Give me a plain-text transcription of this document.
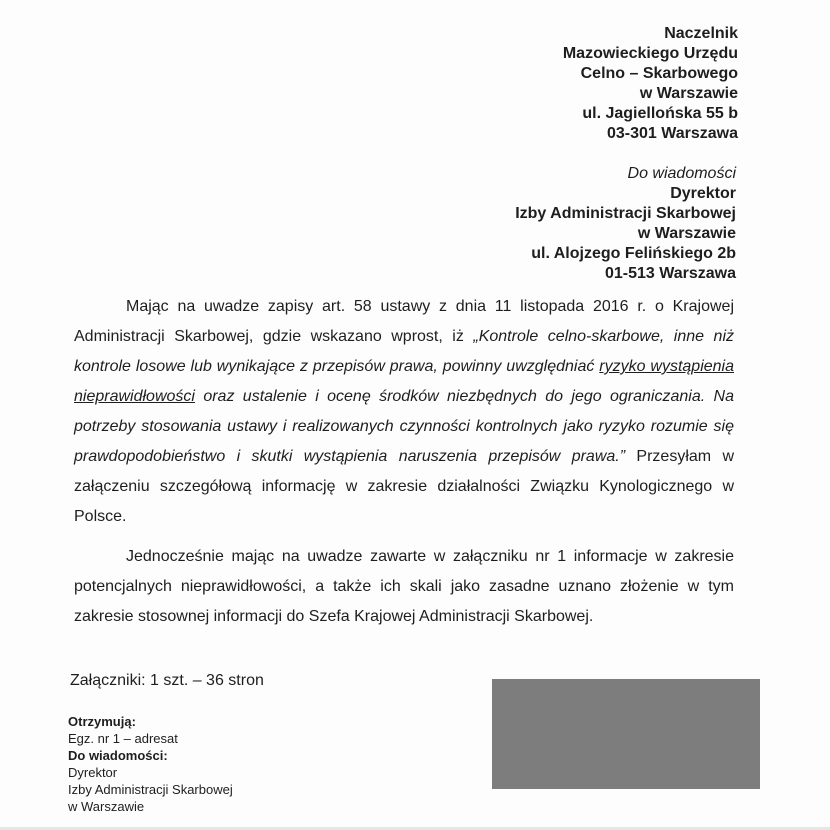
Naczelnik
Mazowieckiego Urzędu
Celno – Skarbowego
w Warszawie
ul. Jagiellońska 55 b
03-301 Warszawa
Do wiadomości
Dyrektor
Izby Administracji Skarbowej
w Warszawie
ul. Alojzego Felińskiego 2b
01-513 Warszawa

Mając na uwadze zapisy art. 58 ustawy z dnia 11 listopada 2016 r. o Krajowej Administracji Skarbowej, gdzie wskazano wprost, iż „Kontrole celno-skarbowe, inne niż kontrole losowe lub wynikające z przepisów prawa, powinny uwzględniać ryzyko wystąpienia nieprawidłowości oraz ustalenie i ocenę środków niezbędnych do jego ograniczania. Na potrzeby stosowania ustawy i realizowanych czynności kontrolnych jako ryzyko rozumie się prawdopodobieństwo i skutki wystąpienia naruszenia przepisów prawa.” Przesyłam w załączeniu szczegółową informację w zakresie działalności Związku Kynologicznego w Polsce.

Jednocześnie mając na uwadze zawarte w załączniku nr 1 informacje w zakresie potencjalnych nieprawidłowości, a także ich skali jako zasadne uznano złożenie w tym zakresie stosownej informacji do Szefa Krajowej Administracji Skarbowej.

Załączniki: 1 szt. – 36 stron
Otrzymują:
Egz. nr 1 – adresat
Do wiadomości:
Dyrektor
Izby Administracji Skarbowej
w Warszawie
